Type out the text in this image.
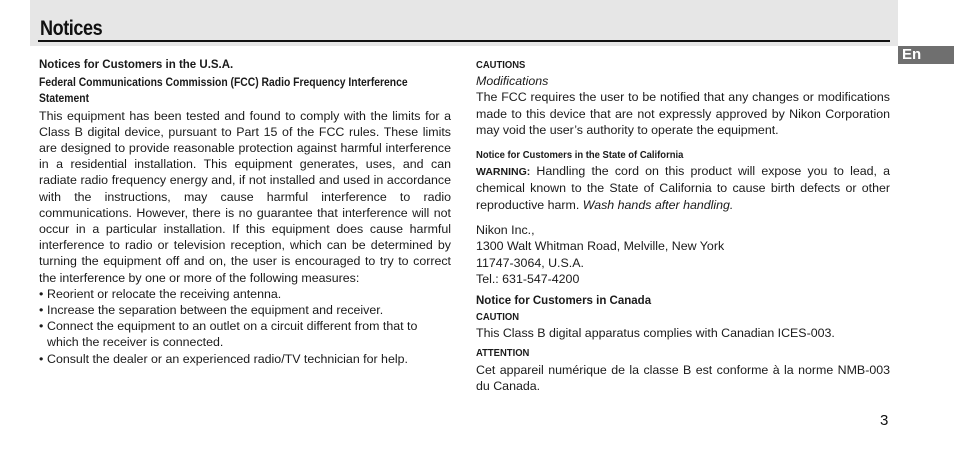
Notices
En
Notices for Customers in the U.S.A.
Federal Communications Commission (FCC) Radio Frequency Interference
Statement

This equipment has been tested and found to comply with the limits for a Class B digital device, pursuant to Part 15 of the FCC rules. These limits are designed to provide reasonable protection against harmful interference in a residential installation. This equipment generates, uses, and can radiate radio frequency energy and, if not installed and used in accordance with the instructions, may cause harmful interference to radio communications. However, there is no guarantee that interference will not occur in a particular installation. If this equipment does cause harmful interference to radio or television reception, which can be determined by turning the equipment off and on, the user is encouraged to try to correct the interference by one or more of the following measures:

• Reorient or relocate the receiving antenna.
• Increase the separation between the equipment and receiver.
• Connect the equipment to an outlet on a circuit different from that to which the receiver is connected.
• Consult the dealer or an experienced radio/TV technician for help.
CAUTIONS
Modifications

The FCC requires the user to be notified that any changes or modifications made to this device that are not expressly approved by Nikon Corporation may void the user’s authority to operate the equipment.

Notice for Customers in the State of California

WARNING: Handling the cord on this product will expose you to lead, a chemical known to the State of California to cause birth defects or other reproductive harm. Wash hands after handling.

Nikon Inc.,
1300 Walt Whitman Road, Melville, New York
11747-3064, U.S.A.
Tel.: 631-547-4200
Notice for Customers in Canada
CAUTION

This Class B digital apparatus complies with Canadian ICES-003.

ATTENTION

Cet appareil numérique de la classe B est conforme à la norme NMB-003 du Canada.

3
